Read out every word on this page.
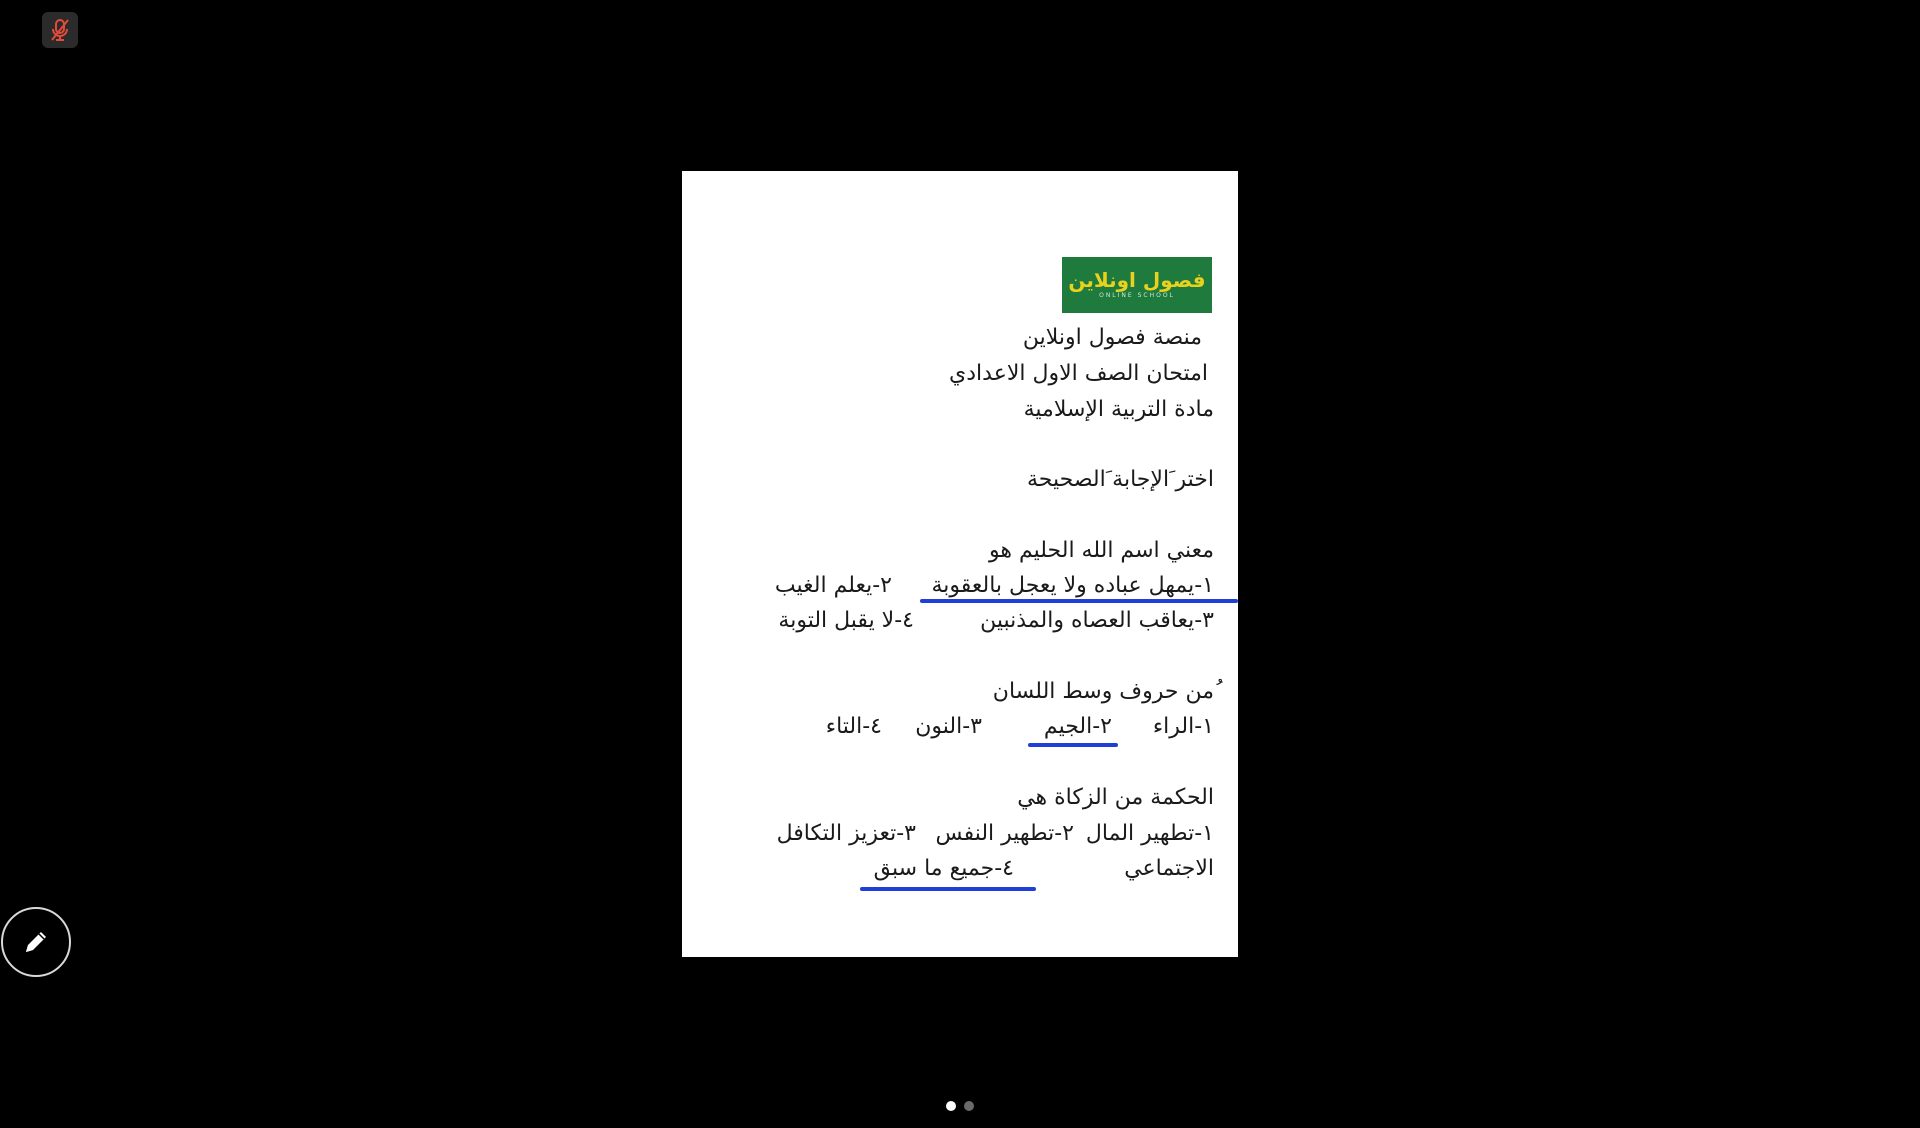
فصول اونلاين
ONLINE SCHOOL
منصة فصول اونلاين
امتحان الصف الاول الاعدادي
مادة التربية الإسلامية
اختر َالإجابة َالصحيحة
معني اسم الله الحليم هو
١-يمهل عباده ولا يعجل بالعقوبة
٢-يعلم الغيب
٣-يعاقب العصاه والمذنبين
٤-لا يقبل التوبة
ُمن حروف وسط اللسان
١-الراء
٢-الجيم
٣-النون
٤-التاء
الحكمة من الزكاة هي
١-تطهير المال
٢-تطهير النفس
٣-تعزيز التكافل
الاجتماعي
٤-جميع ما سبق
